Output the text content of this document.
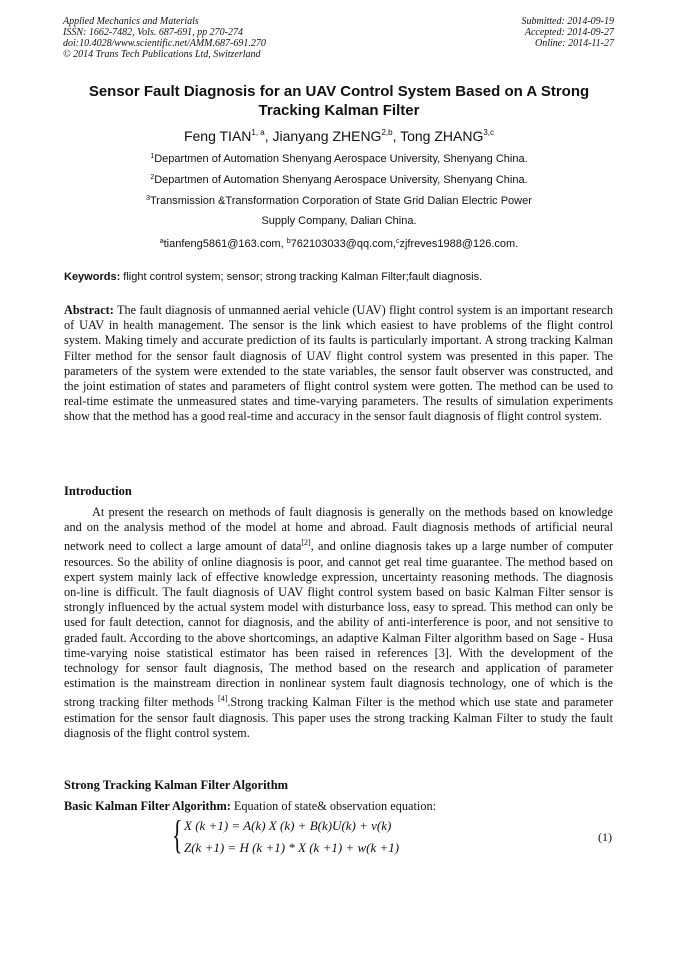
Applied Mechanics and Materials
ISSN: 1662-7482, Vols. 687-691, pp 270-274
doi:10.4028/www.scientific.net/AMM.687-691.270
© 2014 Trans Tech Publications Ltd, Switzerland
Submitted: 2014-09-19
Accepted: 2014-09-27
Online: 2014-11-27
Sensor Fault Diagnosis for an UAV Control System Based on A Strong Tracking Kalman Filter
Feng TIAN$^{1, a}$, Jianyang ZHENG$^{2,b}$, Tong ZHANG$^{3,c}$
$^1$Departmen of Automation Shenyang Aerospace University, Shenyang China.
$^2$Departmen of Automation Shenyang Aerospace University, Shenyang China.
$^3$Transmission &Transformation Corporation of State Grid Dalian Electric Power
Supply Company, Dalian China.
$^a$tianfeng5861@163.com, $^b$762103033@qq.com,$^c$zjfreves1988@126.com.
Keywords: flight control system; sensor; strong tracking Kalman Filter;fault diagnosis.
Abstract: The fault diagnosis of unmanned aerial vehicle (UAV) flight control system is an important research of UAV in health management. The sensor is the link which easiest to have problems of the flight control system. Making timely and accurate prediction of its faults is particularly important. A strong tracking Kalman Filter method for the sensor fault diagnosis of UAV flight control system was presented in this paper. The parameters of the system were extended to the state variables, the sensor fault observer was constructed, and the joint estimation of states and parameters of flight control system were gotten. The method can be used to real-time estimate the unmeasured states and time-varying parameters. The results of simulation experiments show that the method has a good real-time and accuracy in the sensor fault diagnosis of flight control system.
Introduction
At present the research on methods of fault diagnosis is generally on the methods based on knowledge and on the analysis method of the model at home and abroad. Fault diagnosis methods of artificial neural network need to collect a large amount of data[2], and online diagnosis takes up a large number of computer resources. So the ability of online diagnosis is poor, and cannot get real time guarantee. The method based on expert system mainly lack of effective knowledge expression, uncertainty reasoning methods. The diagnosis on-line is difficult. The fault diagnosis of UAV flight control system based on basic Kalman Filter sensor is strongly influenced by the actual system model with disturbance loss, easy to spread. This method can only be used for fault detection, cannot for diagnosis, and the ability of anti-interference is poor, and not sensitive to graded fault. According to the above shortcomings, an adaptive Kalman Filter algorithm based on Sage - Husa time-varying noise statistical estimator has been raised in references [3]. With the development of the technology for sensor fault diagnosis, The method based on the research and application of parameter estimation is the mainstream direction in nonlinear system fault diagnosis technology, one of which is the strong tracking filter methods [4].Strong tracking Kalman Filter is the method which use state and parameter estimation for the sensor fault diagnosis. This paper uses the strong tracking Kalman Filter to study the fault diagnosis of the flight control system.
Strong Tracking Kalman Filter Algorithm
Basic Kalman Filter Algorithm: Equation of state& observation equation:
{ X (k +1) = A(k) X (k) + B(k)U(k) + v(k)
Z(k +1) = H (k +1) * X (k +1) + w(k +1)
(1)
